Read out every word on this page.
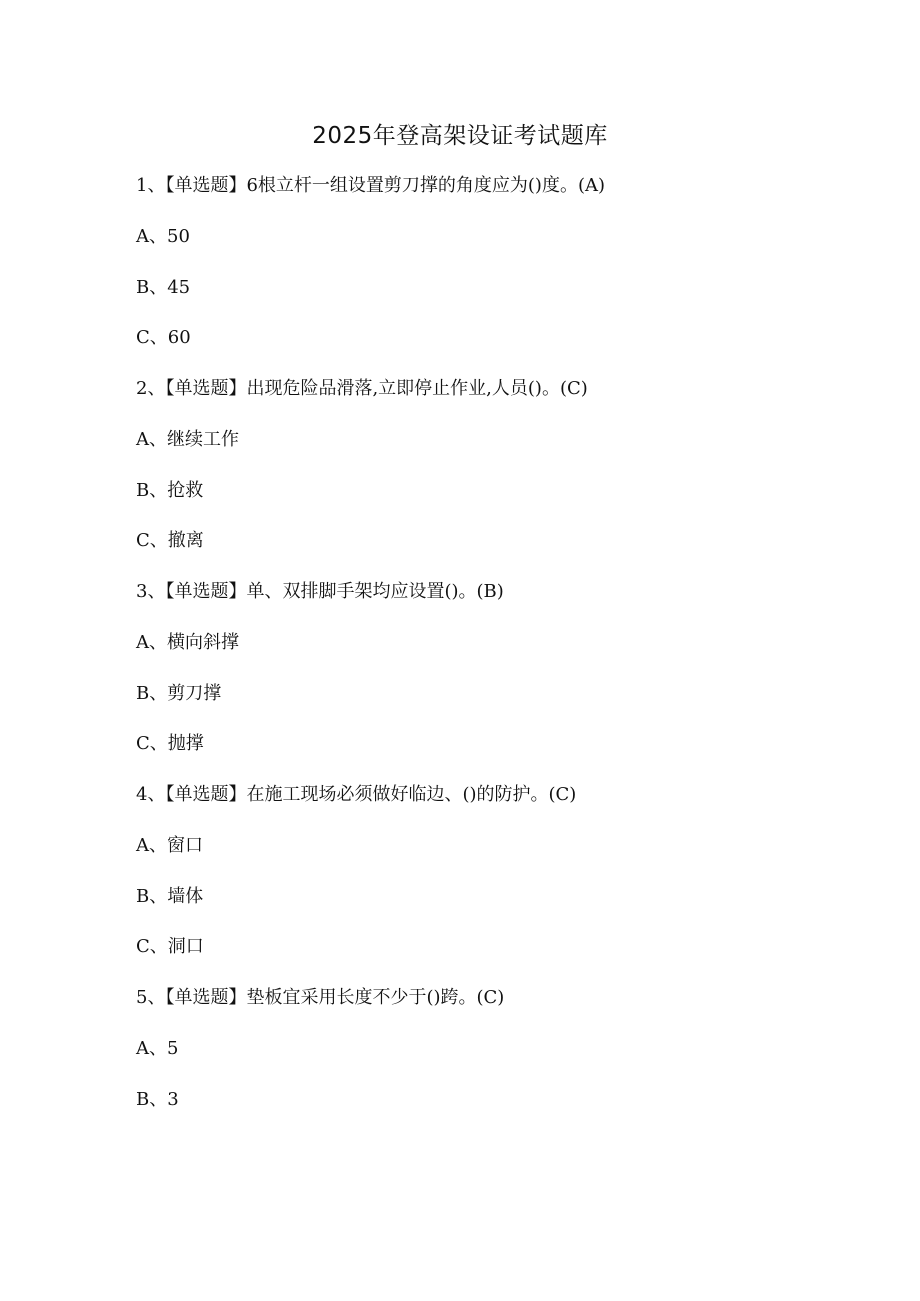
2025年登高架设证考试题库
1、【单选题】6根立杆一组设置剪刀撑的角度应为()度。(A)
A、50
B、45
C、60
2、【单选题】出现危险品滑落,立即停止作业,人员()。(C)
A、继续工作
B、抢救
C、撤离
3、【单选题】单、双排脚手架均应设置()。(B)
A、横向斜撑
B、剪刀撑
C、抛撑
4、【单选题】在施工现场必须做好临边、()的防护。(C)
A、窗口
B、墙体
C、洞口
5、【单选题】垫板宜采用长度不少于()跨。(C)
A、5
B、3
